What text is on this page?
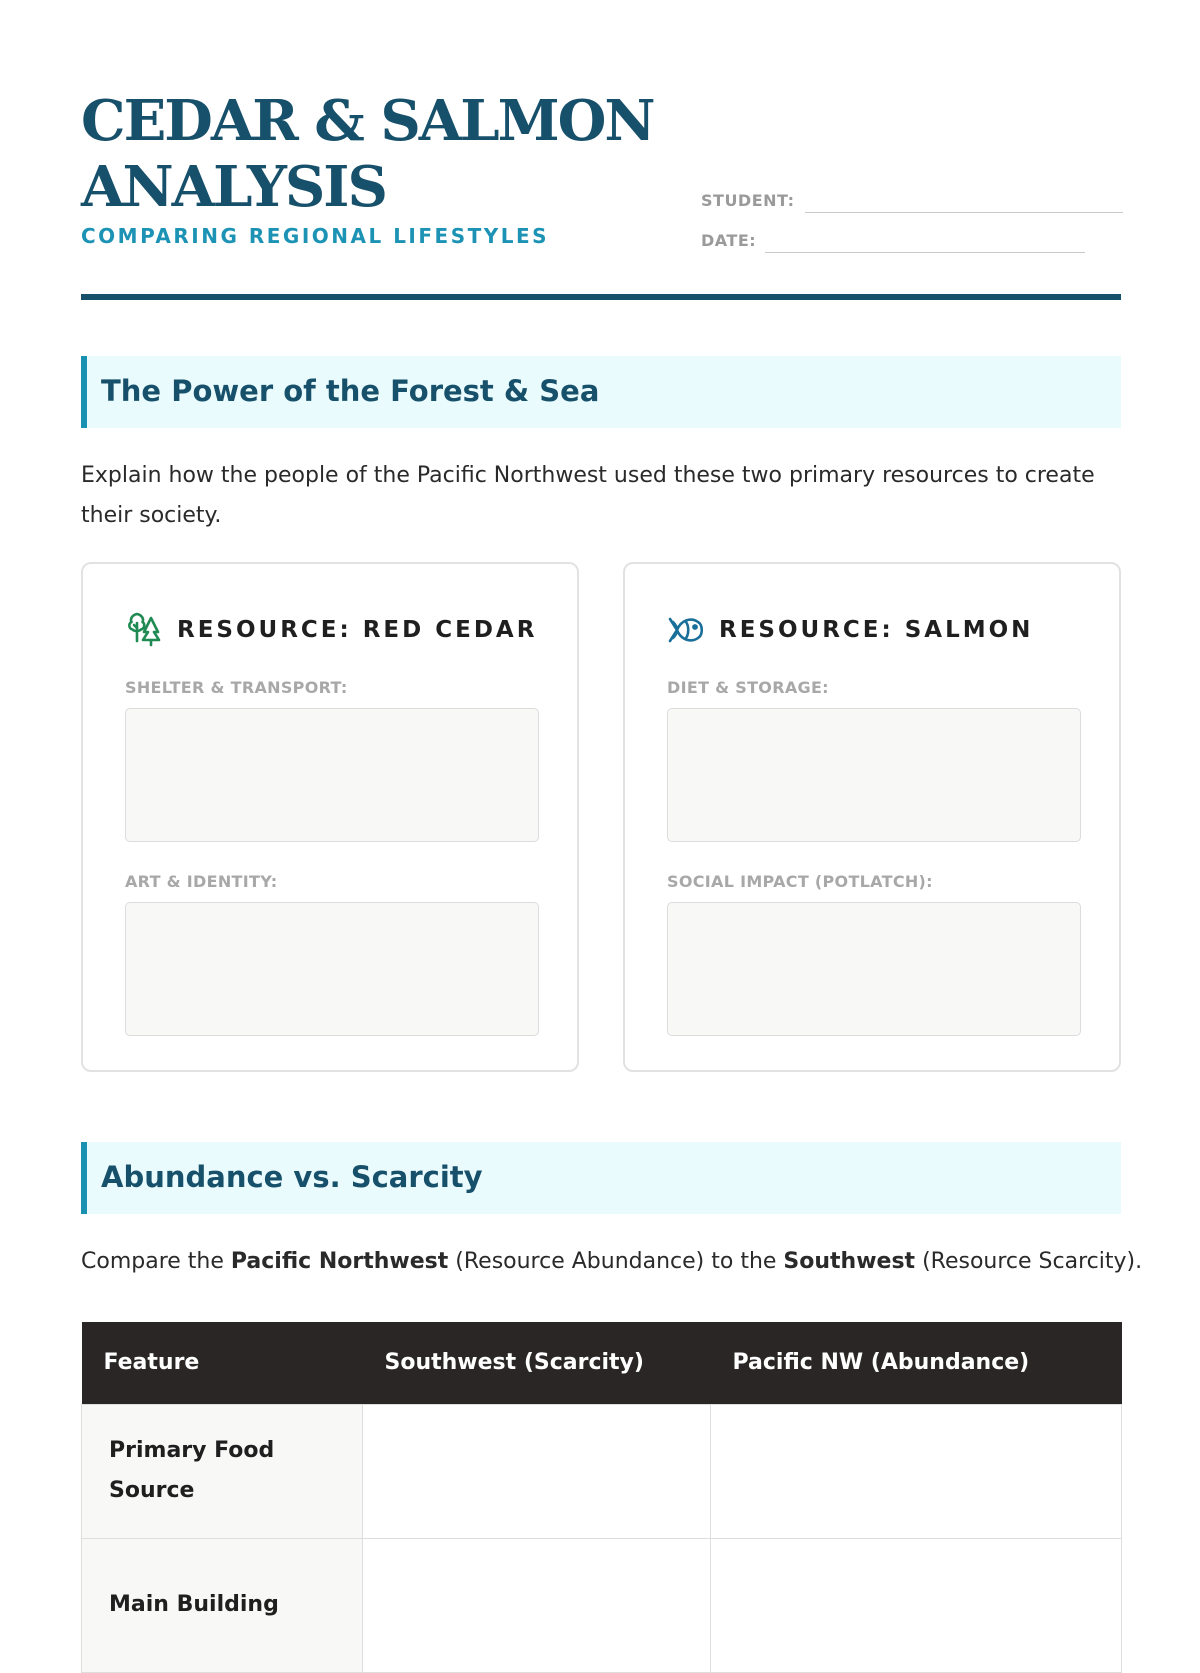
CEDAR & SALMON
ANALYSIS
COMPARING REGIONAL LIFESTYLES
STUDENT:
DATE:
The Power of the Forest & Sea
Explain how the people of the Pacific Northwest used these two primary resources to create their society.
RESOURCE: RED CEDAR
SHELTER & TRANSPORT:
ART & IDENTITY:
RESOURCE: SALMON
DIET & STORAGE:
SOCIAL IMPACT (POTLATCH):
Abundance vs. Scarcity
Compare the Pacific Northwest (Resource Abundance) to the Southwest (Resource Scarcity).
Feature	Southwest (Scarcity)	Pacific NW (Abundance)
Primary Food Source		
Main Building		
